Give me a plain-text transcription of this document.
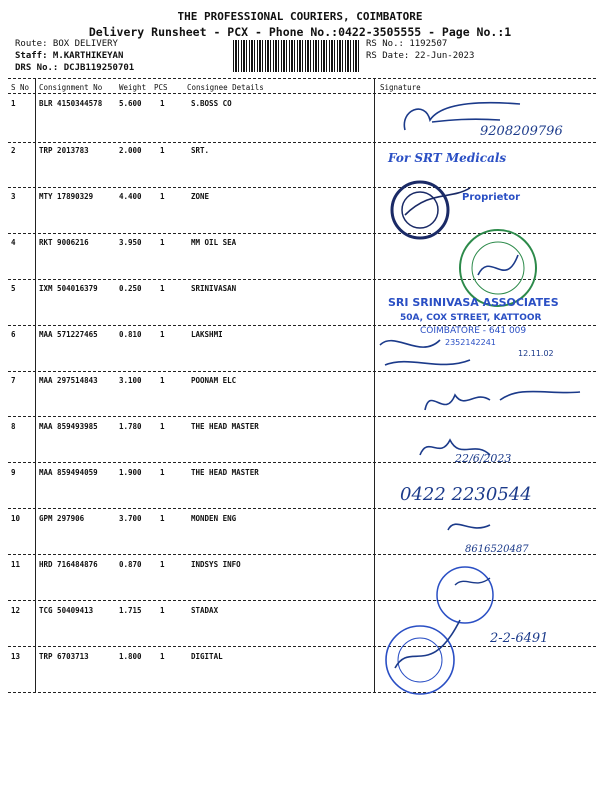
THE PROFESSIONAL COURIERS, COIMBATORE
Delivery Runsheet - PCX - Phone No.:0422-3505555 - Page No.:1
Route: BOX DELIVERY
Staff: M.KARTHIKEYAN
DRS No.: DCJB119250701
RS No.: 1192507
RS Date: 22-Jun-2023
S No Consignment No Weight PCS	Consignee Details	Signature
1	BLR 4150344578 5.600 1	S.BOSS CO
2	TRP 2013783	2.000 1	SRT.
3	MTY 17890329	4.400 1	ZONE
4	RKT 9006216	3.950 1	MM OIL SEA
5	IXM 504016379	0.250 1	SRINIVASAN
6	MAA 571227465	0.810 1	LAKSHMI
7	MAA 297514843	3.100 1	POONAM ELC
8	MAA 859493985	1.780 1	THE HEAD MASTER
9	MAA 859494059	1.900 1	THE HEAD MASTER
10	GPM 297906	3.700 1	MONDEN ENG
11	HRD 716484876	0.870 1	INDSYS INFO
12	TCG 50409413	1.715 1	STADAX
13	TRP 6703713	1.800 1	DIGITAL
9208209796
For SRT Medicals
Proprietor
SRI SRINIVASA ASSOCIATES
50A, COX STREET, KATTOOR
COIMBATORE - 641 009
2352142241
12.11.02
22/6/2023
0422 2230544
8616520487
2-2-6491
